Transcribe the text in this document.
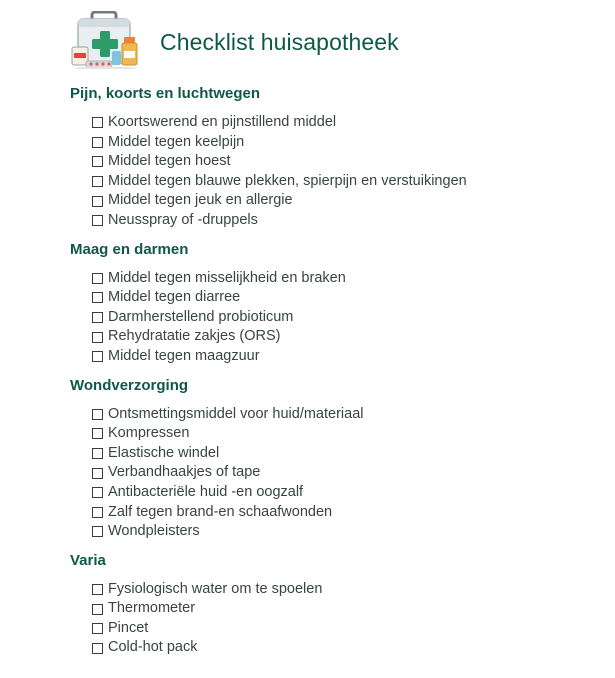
Checklist huisapotheek
Pijn, koorts en luchtwegen
Koortswerend en pijnstillend middel
Middel tegen keelpijn
Middel tegen hoest
Middel tegen blauwe plekken, spierpijn en verstuikingen
Middel tegen jeuk en allergie
Neusspray of -druppels
Maag en darmen
Middel tegen misselijkheid en braken
Middel tegen diarree
Darmherstellend probioticum
Rehydratatie zakjes (ORS)
Middel tegen maagzuur
Wondverzorging
Ontsmettingsmiddel voor huid/materiaal
Kompressen
Elastische windel
Verbandhaakjes of tape
Antibacteriële huid -en oogzalf
Zalf tegen brand-en schaafwonden
Wondpleisters
Varia
Fysiologisch water om te spoelen
Thermometer
Pincet
Cold-hot pack
